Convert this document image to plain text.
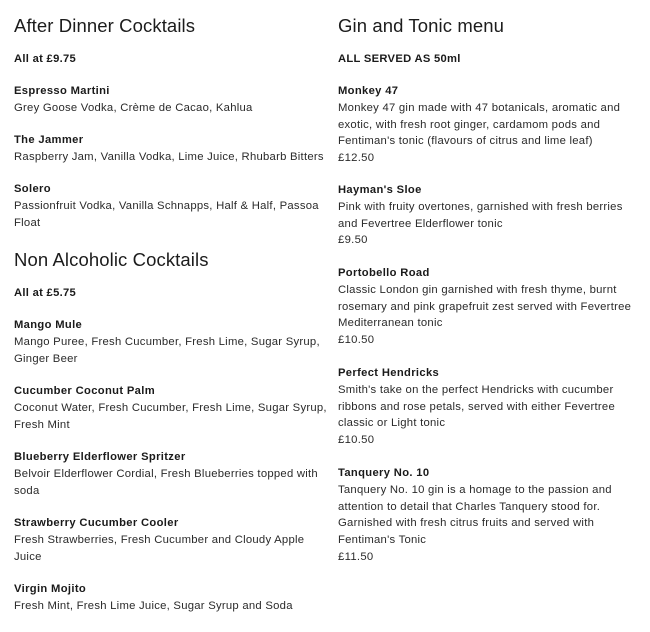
After Dinner Cocktails
All at £9.75
Espresso Martini
Grey Goose Vodka, Crème de Cacao, Kahlua
The Jammer
Raspberry Jam, Vanilla Vodka, Lime Juice, Rhubarb Bitters
Solero
Passionfruit Vodka, Vanilla Schnapps, Half & Half, Passoa Float
Non Alcoholic Cocktails
All at £5.75
Mango Mule
Mango Puree, Fresh Cucumber, Fresh Lime, Sugar Syrup, Ginger Beer
Cucumber Coconut Palm
Coconut Water, Fresh Cucumber, Fresh Lime, Sugar Syrup, Fresh Mint
Blueberry Elderflower Spritzer
Belvoir Elderflower Cordial, Fresh Blueberries topped with soda
Strawberry Cucumber Cooler
Fresh Strawberries, Fresh Cucumber and Cloudy Apple Juice
Virgin Mojito
Fresh Mint, Fresh Lime Juice, Sugar Syrup and Soda
Gin and Tonic menu
ALL SERVED AS 50ml
Monkey 47
Monkey 47 gin made with 47 botanicals, aromatic and exotic, with fresh root ginger, cardamom pods and Fentiman's tonic (flavours of citrus and lime leaf)
£12.50
Hayman's Sloe
Pink with fruity overtones, garnished with fresh berries and Fevertree Elderflower tonic
£9.50
Portobello Road
Classic London gin garnished with fresh thyme, burnt rosemary and pink grapefruit zest served with Fevertree Mediterranean tonic
£10.50
Perfect Hendricks
Smith's take on the perfect Hendricks with cucumber ribbons and rose petals, served with either Fevertree classic or Light tonic
£10.50
Tanquery No. 10
Tanquery No. 10 gin is a homage to the passion and attention to detail that Charles Tanquery stood for. Garnished with fresh citrus fruits and served with Fentiman's Tonic
£11.50
